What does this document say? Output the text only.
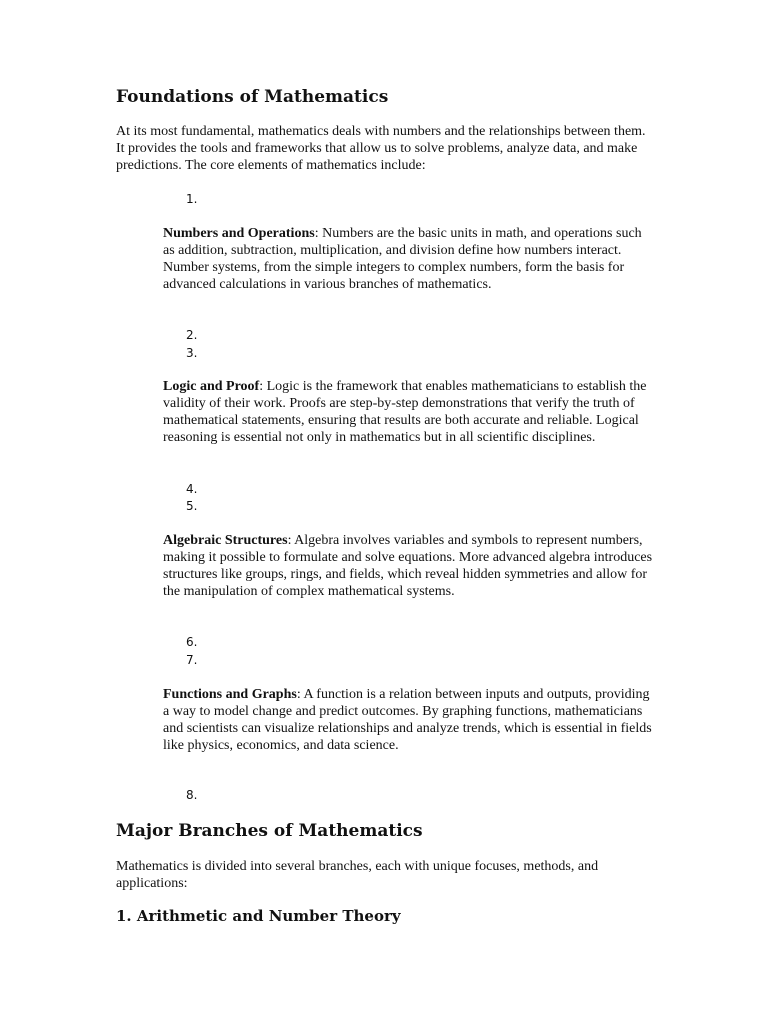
Foundations of Mathematics

At its most fundamental, mathematics deals with numbers and the relationships between them. It provides the tools and frameworks that allow us to solve problems, analyze data, and make predictions. The core elements of mathematics include:

1.

Numbers and Operations: Numbers are the basic units in math, and operations such as addition, subtraction, multiplication, and division define how numbers interact. Number systems, from the simple integers to complex numbers, form the basis for advanced calculations in various branches of mathematics.

2.
3.

Logic and Proof: Logic is the framework that enables mathematicians to establish the validity of their work. Proofs are step-by-step demonstrations that verify the truth of mathematical statements, ensuring that results are both accurate and reliable. Logical reasoning is essential not only in mathematics but in all scientific disciplines.

4.
5.

Algebraic Structures: Algebra involves variables and symbols to represent numbers, making it possible to formulate and solve equations. More advanced algebra introduces structures like groups, rings, and fields, which reveal hidden symmetries and allow for the manipulation of complex mathematical systems.

6.
7.

Functions and Graphs: A function is a relation between inputs and outputs, providing a way to model change and predict outcomes. By graphing functions, mathematicians and scientists can visualize relationships and analyze trends, which is essential in fields like physics, economics, and data science.

8.
Major Branches of Mathematics

Mathematics is divided into several branches, each with unique focuses, methods, and applications:

1. Arithmetic and Number Theory
